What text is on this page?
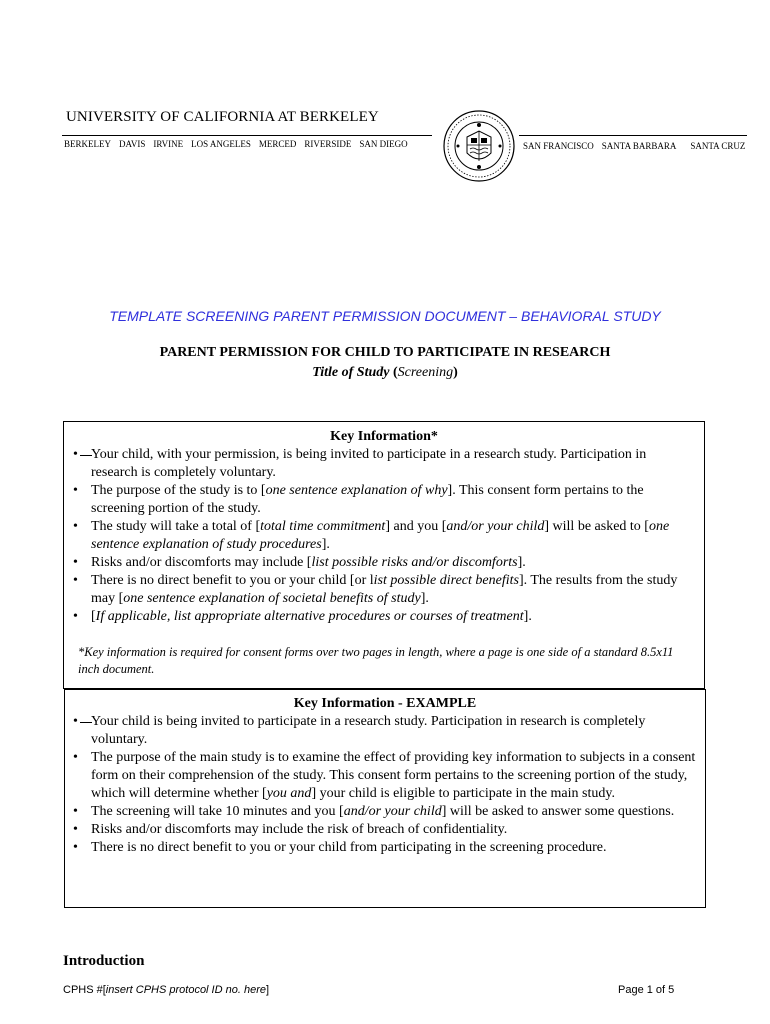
UNIVERSITY OF CALIFORNIA AT BERKELEY
BERKELEY DAVIS IRVINE LOS ANGELES MERCED RIVERSIDE SAN DIEGO	SAN FRANCISCO SANTA BARBARA SANTA CRUZ
TEMPLATE SCREENING PARENT PERMISSION DOCUMENT – BEHAVIORAL STUDY
PARENT PERMISSION FOR CHILD TO PARTICIPATE IN RESEARCH
Title of Study (Screening)
Key Information*
• Your child, with your permission, is being invited to participate in a research study. Participation in research is completely voluntary.
• The purpose of the study is to [one sentence explanation of why]. This consent form pertains to the screening portion of the study.
• The study will take a total of [total time commitment] and you [and/or your child] will be asked to [one sentence explanation of study procedures].
• Risks and/or discomforts may include [list possible risks and/or discomforts].
• There is no direct benefit to you or your child [or list possible direct benefits]. The results from the study may [one sentence explanation of societal benefits of study].
• [If applicable, list appropriate alternative procedures or courses of treatment].
*Key information is required for consent forms over two pages in length, where a page is one side of a standard 8.5x11 inch document.
Key Information - EXAMPLE
• Your child is being invited to participate in a research study. Participation in research is completely voluntary.
• The purpose of the main study is to examine the effect of providing key information to subjects in a consent form on their comprehension of the study. This consent form pertains to the screening portion of the study, which will determine whether [you and] your child is eligible to participate in the main study.
• The screening will take 10 minutes and you [and/or your child] will be asked to answer some questions.
• Risks and/or discomforts may include the risk of breach of confidentiality.
• There is no direct benefit to you or your child from participating in the screening procedure.
Introduction
CPHS #[insert CPHS protocol ID no. here]	Page 1 of 5
